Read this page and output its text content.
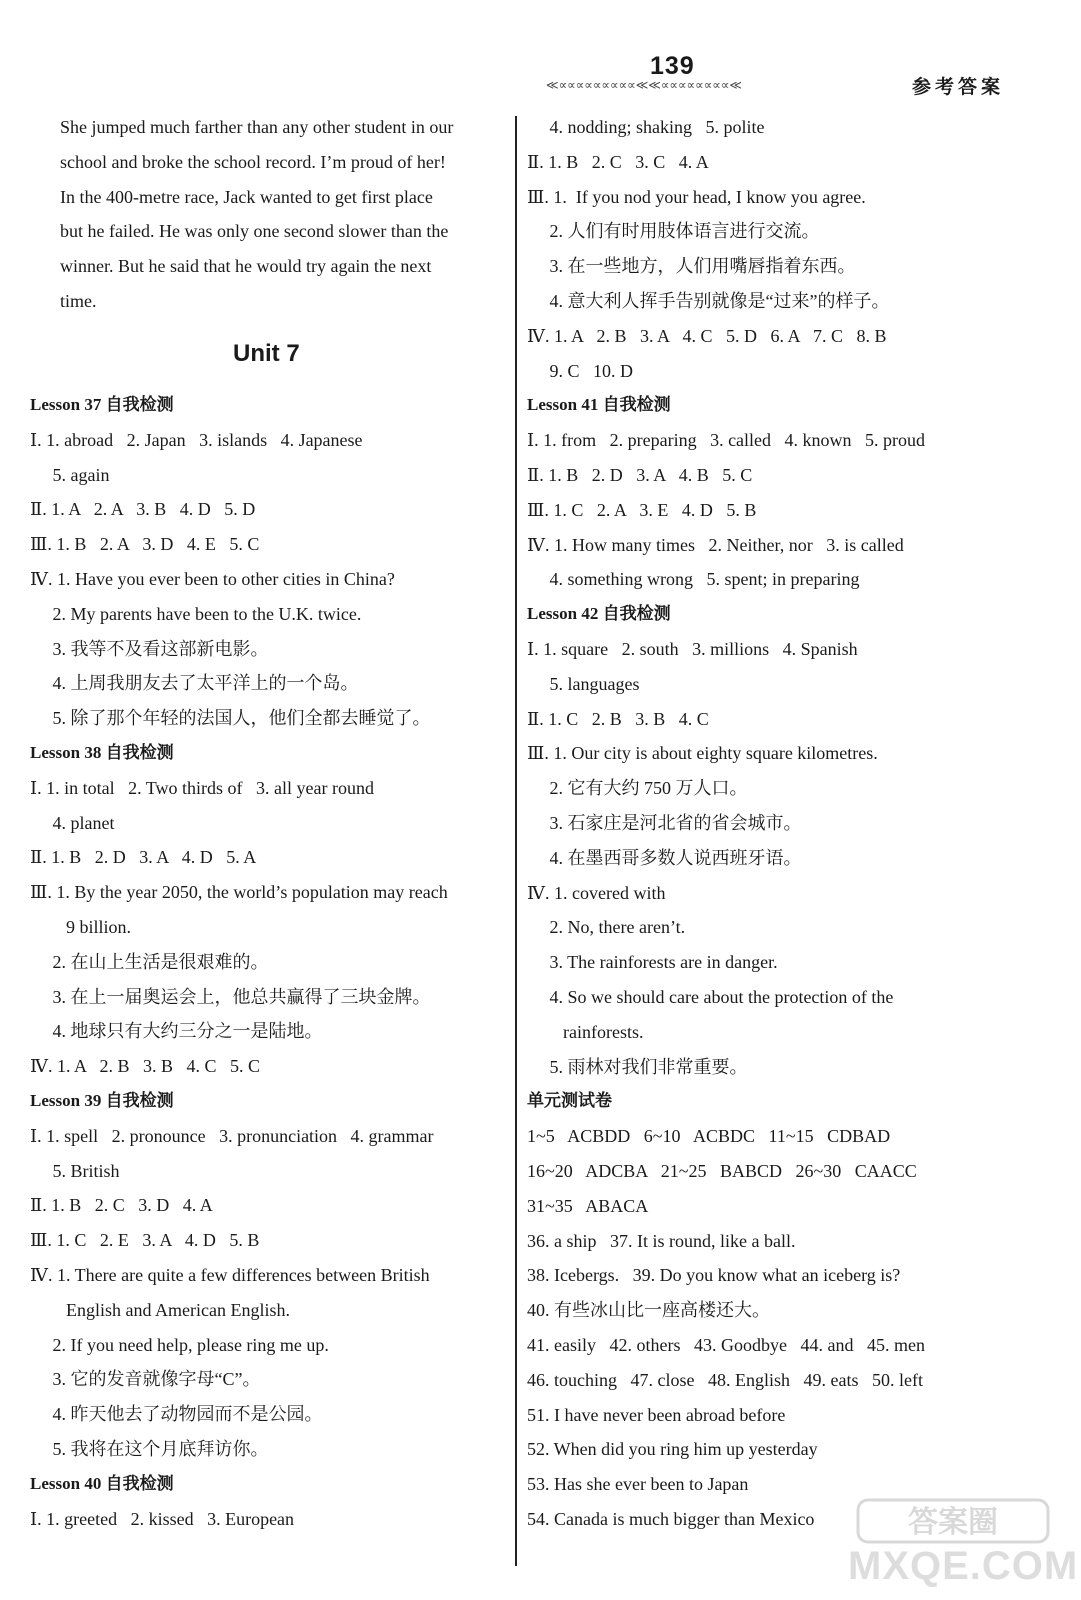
139
≪∝∝∝∝∝∝∝∝∝≪≪∝∝∝∝∝∝∝∝≪	参考答案
She jumped much farther than any other student in our
school and broke the school record. I’m proud of her!
In the 400-metre race, Jack wanted to get first place
but he failed. He was only one second slower than the
winner. But he said that he would try again the next
time.
Unit 7
Lesson 37 自我检测
Ⅰ. 1. abroad   2. Japan   3. islands   4. Japanese
5. again
Ⅱ. 1. A   2. A   3. B   4. D   5. D
Ⅲ. 1. B   2. A   3. D   4. E   5. C
Ⅳ. 1. Have you ever been to other cities in China?
2. My parents have been to the U.K. twice.
3. 我等不及看这部新电影。
4. 上周我朋友去了太平洋上的一个岛。
5. 除了那个年轻的法国人，他们全都去睡觉了。
Lesson 38 自我检测
Ⅰ. 1. in total   2. Two thirds of   3. all year round
4. planet
Ⅱ. 1. B   2. D   3. A   4. D   5. A
Ⅲ. 1. By the year 2050, the world’s population may reach
9 billion.
2. 在山上生活是很艰难的。
3. 在上一届奥运会上，他总共赢得了三块金牌。
4. 地球只有大约三分之一是陆地。
Ⅳ. 1. A   2. B   3. B   4. C   5. C
Lesson 39 自我检测
Ⅰ. 1. spell   2. pronounce   3. pronunciation   4. grammar
5. British
Ⅱ. 1. B   2. C   3. D   4. A
Ⅲ. 1. C   2. E   3. A   4. D   5. B
Ⅳ. 1. There are quite a few differences between British
English and American English.
2. If you need help, please ring me up.
3. 它的发音就像字母“C”。
4. 昨天他去了动物园而不是公园。
5. 我将在这个月底拜访你。
Lesson 40 自我检测
Ⅰ. 1. greeted   2. kissed   3. European
4. nodding; shaking   5. polite
Ⅱ. 1. B   2. C   3. C   4. A
Ⅲ. 1.  If you nod your head, I know you agree.
2. 人们有时用肢体语言进行交流。
3. 在一些地方，人们用嘴唇指着东西。
4. 意大利人挥手告别就像是“过来”的样子。
Ⅳ. 1. A   2. B   3. A   4. C   5. D   6. A   7. C   8. B
9. C   10. D
Lesson 41 自我检测
Ⅰ. 1. from   2. preparing   3. called   4. known   5. proud
Ⅱ. 1. B   2. D   3. A   4. B   5. C
Ⅲ. 1. C   2. A   3. E   4. D   5. B
Ⅳ. 1. How many times   2. Neither, nor   3. is called
4. something wrong   5. spent; in preparing
Lesson 42 自我检测
Ⅰ. 1. square   2. south   3. millions   4. Spanish
5. languages
Ⅱ. 1. C   2. B   3. B   4. C
Ⅲ. 1. Our city is about eighty square kilometres.
2. 它有大约 750 万人口。
3. 石家庄是河北省的省会城市。
4. 在墨西哥多数人说西班牙语。
Ⅳ. 1. covered with
2. No, there aren’t.
3. The rainforests are in danger.
4. So we should care about the protection of the
rainforests.
5. 雨林对我们非常重要。
单元测试卷
1~5   ACBDD   6~10   ACBDC   11~15   CDBAD
16~20   ADCBA   21~25   BABCD   26~30   CAACC
31~35   ABACA
36. a ship   37. It is round, like a ball.
38. Icebergs.   39. Do you know what an iceberg is?
40. 有些冰山比一座高楼还大。
41. easily   42. others   43. Goodbye   44. and   45. men
46. touching   47. close   48. English   49. eats   50. left
51. I have never been abroad before
52. When did you ring him up yesterday
53. Has she ever been to Japan
54. Canada is much bigger than Mexico	答案圈
MXQE.COM
